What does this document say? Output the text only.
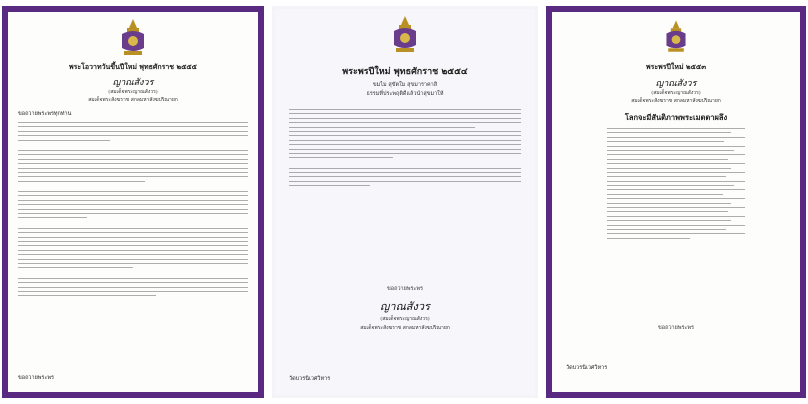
พระโอวาทวันขึ้นปีใหม่ พุทธศักราช ๒๕๕๕
ญาณสังวร
(สมเด็จพระญาณสังวร)
สมเด็จพระสังฆราช สกลมหาสังฆปริณายก
ขอถวายพระพรทุกท่าน
ขอถวายพระพร
พระพรปีใหม่ พุทธศักราช ๒๕๕๔
ขมไม สุขัตใม สุขมาราคาสิ
ธรรมที่ประพฤติดีแล้วนำสุขมาให้
ขอถวายพระพร
ญาณสังวร
(สมเด็จพระญาณสังวร)
สมเด็จพระสังฆราช สกลมหาสังฆปริณายก
วัดบวรนิเวศวิหาร
พระพรปีใหม่ ๒๕๕๓
ญาณสังวร
(สมเด็จพระญาณสังวร)
สมเด็จพระสังฆราช สกลมหาสังฆปริณายก
โลกจะมีสันติภาพพระเมตตาผลึง
ขอถวายพระพร
วัดบวรนิเวศวิหาร
